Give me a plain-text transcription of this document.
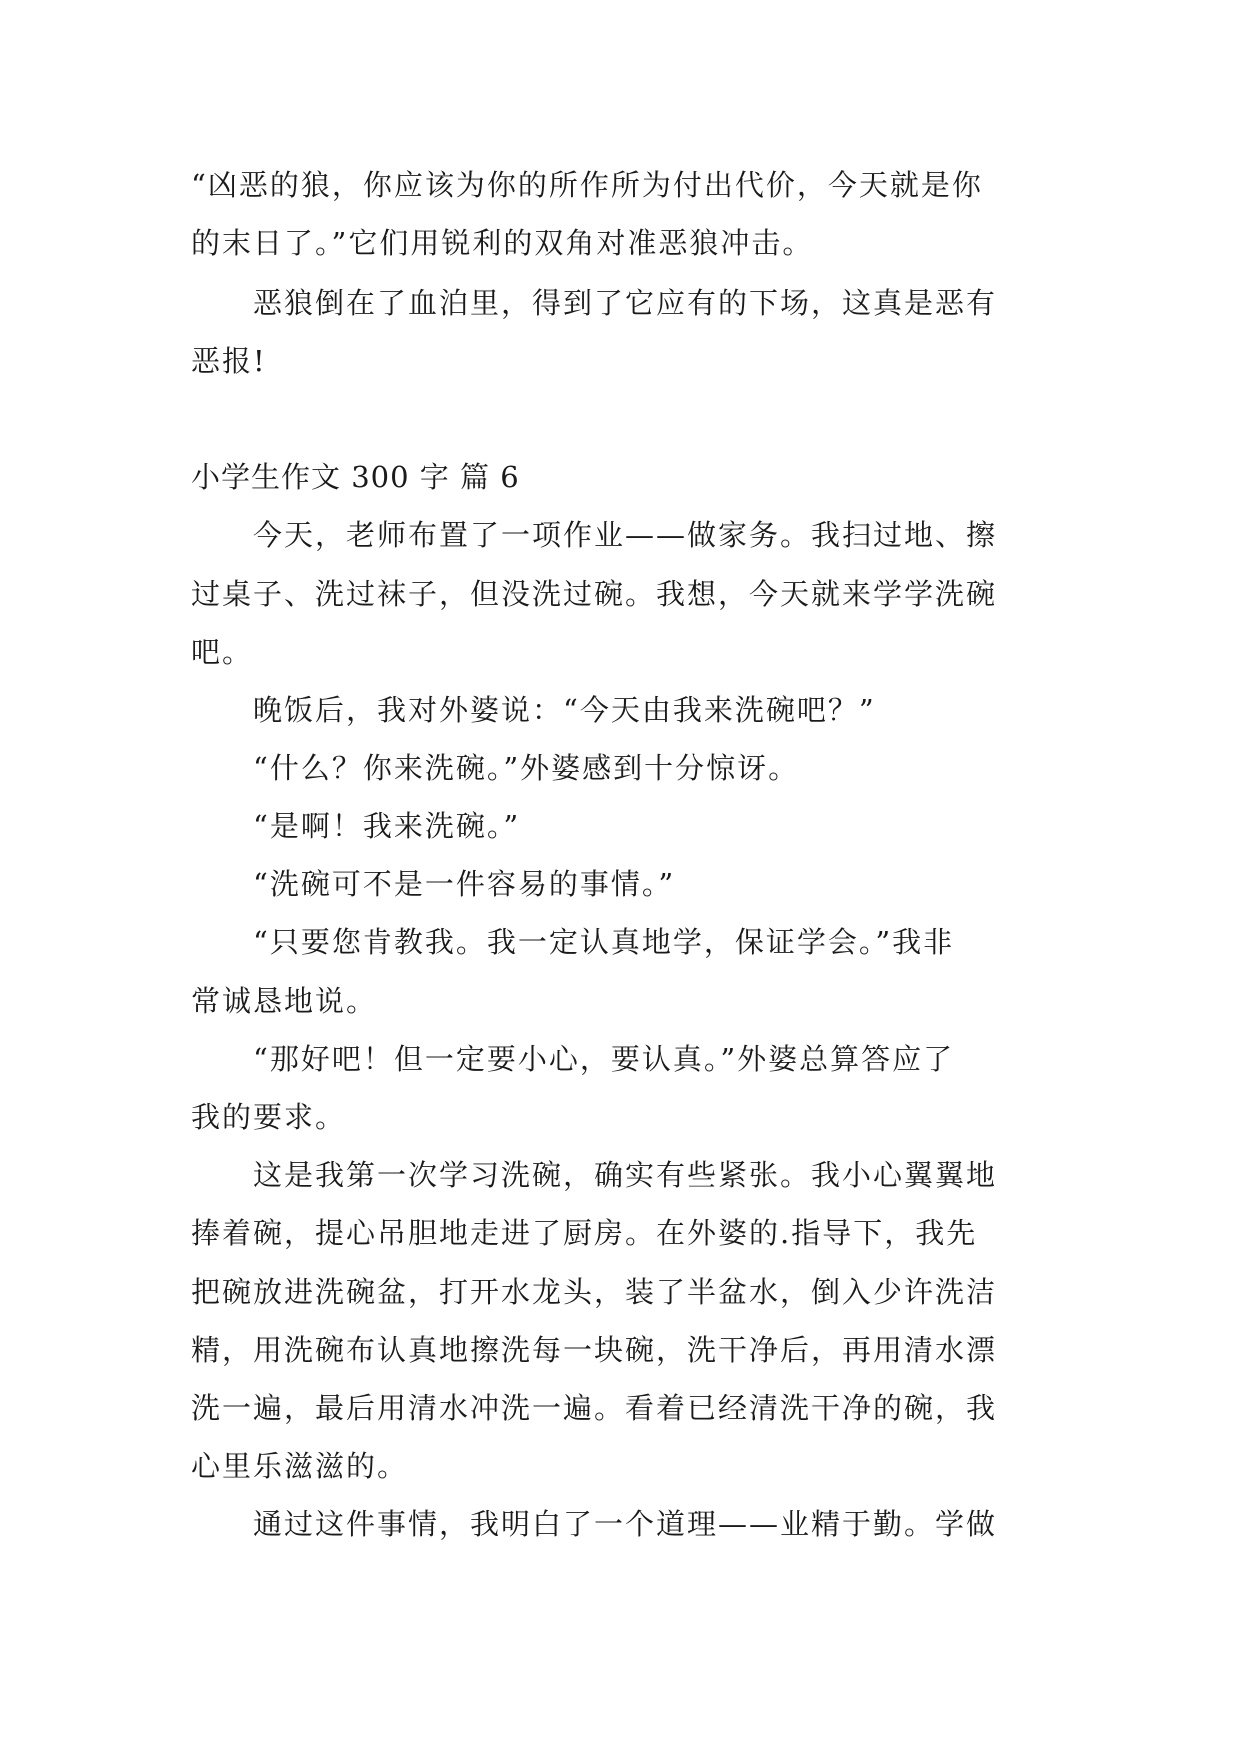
“凶恶的狼，你应该为你的所作所为付出代价，今天就是你
的末日了。”它们用锐利的双角对准恶狼冲击。
恶狼倒在了血泊里，得到了它应有的下场，这真是恶有
恶报!
小学生作文 300 字 篇 6
今天，老师布置了一项作业——做家务。我扫过地、擦
过桌子、洗过袜子，但没洗过碗。我想，今天就来学学洗碗
吧。
晚饭后，我对外婆说：“今天由我来洗碗吧？”
“什么？你来洗碗。”外婆感到十分惊讶。
“是啊！我来洗碗。”
“洗碗可不是一件容易的事情。”
“只要您肯教我。我一定认真地学，保证学会。”我非
常诚恳地说。
“那好吧！但一定要小心，要认真。”外婆总算答应了
我的要求。
这是我第一次学习洗碗，确实有些紧张。我小心翼翼地
捧着碗，提心吊胆地走进了厨房。在外婆的.指导下，我先
把碗放进洗碗盆，打开水龙头，装了半盆水，倒入少许洗洁
精，用洗碗布认真地擦洗每一块碗，洗干净后，再用清水漂
洗一遍，最后用清水冲洗一遍。看着已经清洗干净的碗，我
心里乐滋滋的。
通过这件事情，我明白了一个道理——业精于勤。学做
